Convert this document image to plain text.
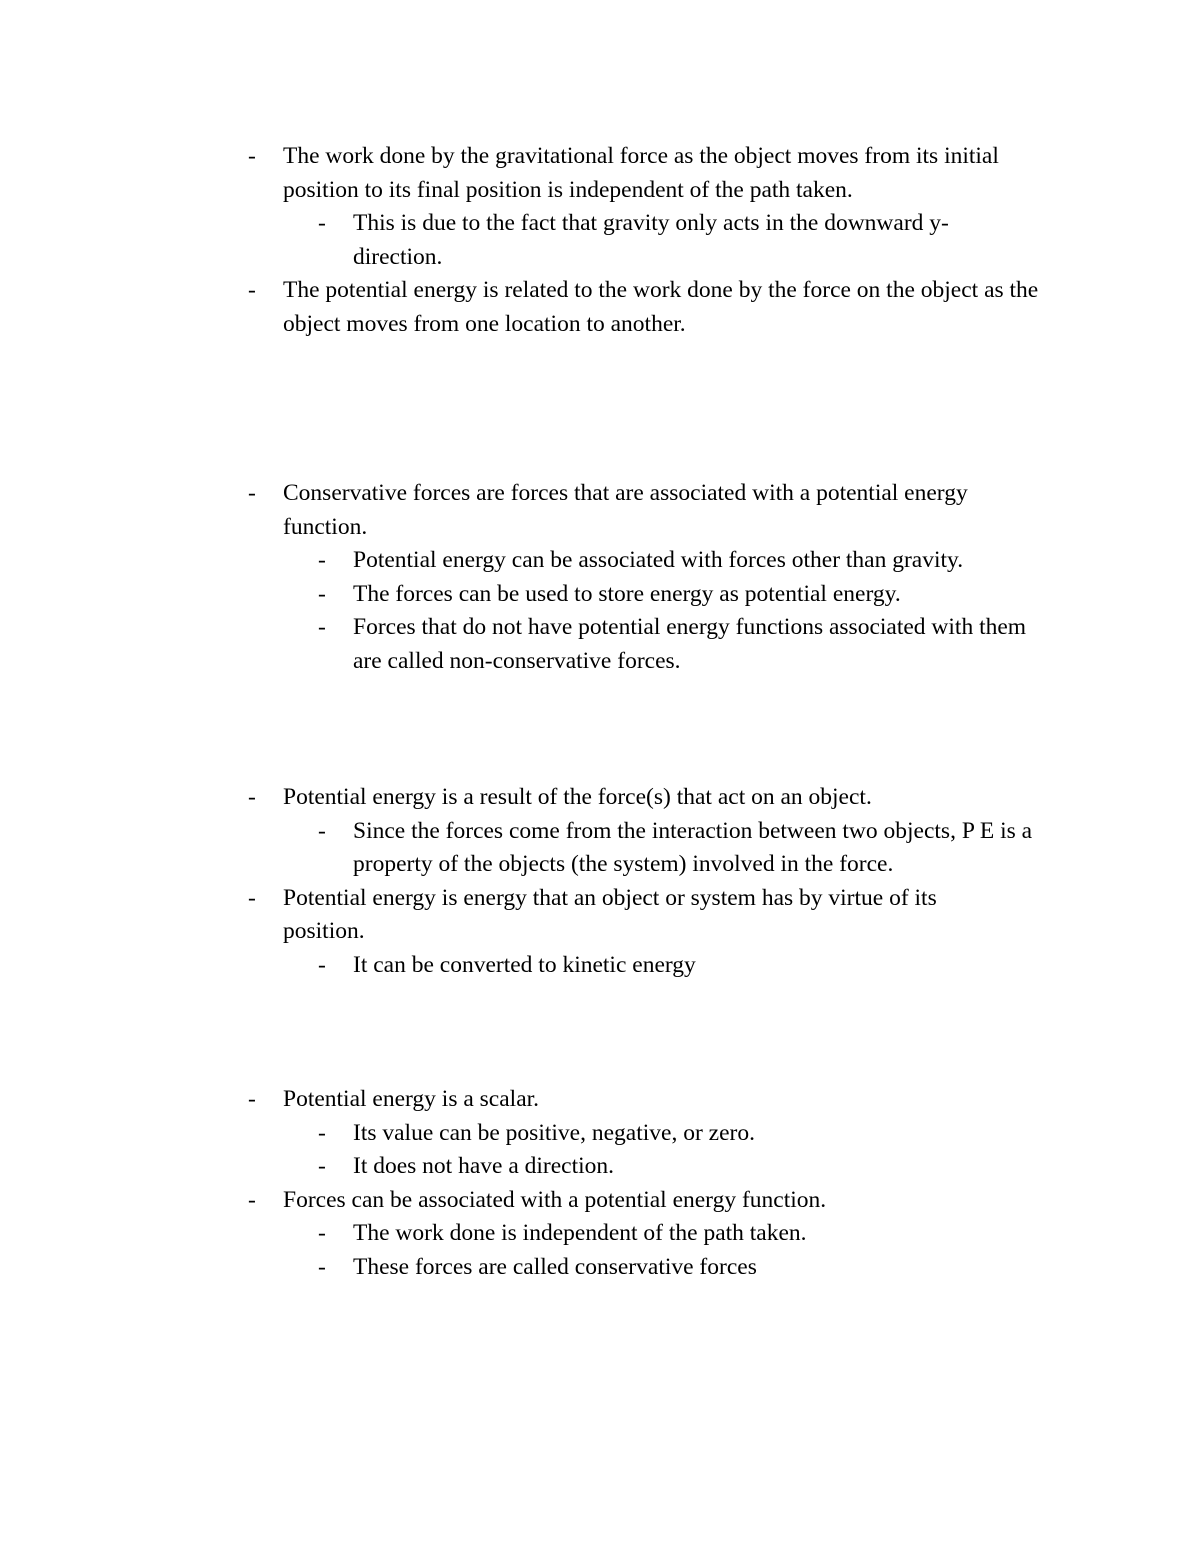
- The work done by the gravitational force as the object moves from its initial position to its final position is independent of the path taken.
- This is due to the fact that gravity only acts in the downward y-direction.
- The potential energy is related to the work done by the force on the object as the object moves from one location to another.
- Conservative forces are forces that are associated with a potential energy function.
- Potential energy can be associated with forces other than gravity.
- The forces can be used to store energy as potential energy.
- Forces that do not have potential energy functions associated with them are called non-conservative forces.
- Potential energy is a result of the force(s) that act on an object.
- Since the forces come from the interaction between two objects, P E is a property of the objects (the system) involved in the force.
- Potential energy is energy that an object or system has by virtue of its position.
- It can be converted to kinetic energy
- Potential energy is a scalar.
- Its value can be positive, negative, or zero.
- It does not have a direction.
- Forces can be associated with a potential energy function.
- The work done is independent of the path taken.
- These forces are called conservative forces
